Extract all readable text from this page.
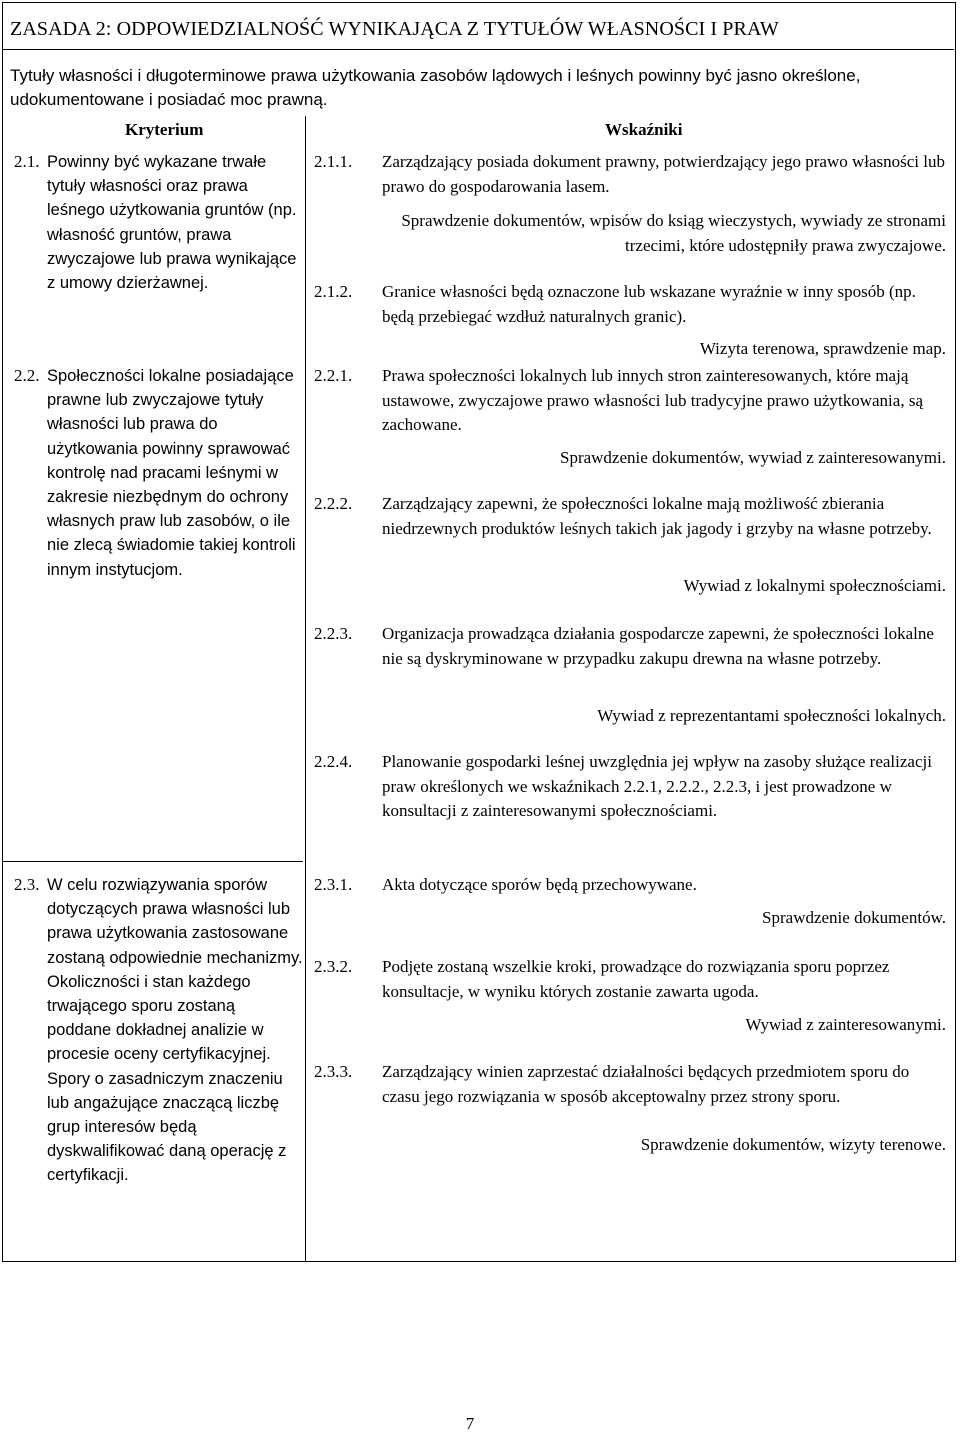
ZASADA 2: ODPOWIEDZIALNOŚĆ WYNIKAJĄCA Z TYTUŁÓW WŁASNOŚCI I PRAW
Tytuły własności i długoterminowe prawa użytkowania zasobów lądowych i leśnych powinny być jasno określone, udokumentowane i posiadać moc prawną.
Kryterium	Wskaźniki
2.1. Powinny być wykazane trwałe tytuły własności oraz prawa leśnego użytkowania gruntów (np. własność gruntów, prawa zwyczajowe lub prawa wynikające z umowy dzierżawnej.
2.2. Społeczności lokalne posiadające prawne lub zwyczajowe tytuły własności lub prawa do użytkowania powinny sprawować kontrolę nad pracami leśnymi w zakresie niezbędnym do ochrony własnych praw lub zasobów, o ile nie zlecą świadomie takiej kontroli innym instytucjom.
2.3. W celu rozwiązywania sporów dotyczących prawa własności lub prawa użytkowania zastosowane zostaną odpowiednie mechanizmy. Okoliczności i stan każdego trwającego sporu zostaną poddane dokładnej analizie w procesie oceny certyfikacyjnej. Spory o zasadniczym znaczeniu lub angażujące znaczącą liczbę grup interesów będą dyskwalifikować daną operację z certyfikacji.
2.1.1. Zarządzający posiada dokument prawny, potwierdzający jego prawo własności lub prawo do gospodarowania lasem.
Sprawdzenie dokumentów, wpisów do ksiąg wieczystych, wywiady ze stronami trzecimi, które udostępniły prawa zwyczajowe.
2.1.2. Granice własności będą oznaczone lub wskazane wyraźnie w inny sposób (np. będą przebiegać wzdłuż naturalnych granic).
Wizyta terenowa, sprawdzenie map.
2.2.1. Prawa społeczności lokalnych lub innych stron zainteresowanych, które mają ustawowe, zwyczajowe prawo własności lub tradycyjne prawo użytkowania, są zachowane.
Sprawdzenie dokumentów, wywiad z zainteresowanymi.
2.2.2. Zarządzający zapewni, że społeczności lokalne mają możliwość zbierania niedrzewnych produktów leśnych takich jak jagody i grzyby na własne potrzeby.
Wywiad z lokalnymi społecznościami.
2.2.3. Organizacja prowadząca działania gospodarcze zapewni, że społeczności lokalne nie są dyskryminowane w przypadku zakupu drewna na własne potrzeby.
Wywiad z reprezentantami społeczności lokalnych.
2.2.4. Planowanie gospodarki leśnej uwzględnia jej wpływ na zasoby służące realizacji praw określonych we wskaźnikach 2.2.1, 2.2.2., 2.2.3, i jest prowadzone w konsultacji z zainteresowanymi społecznościami.
2.3.1. Akta dotyczące sporów będą przechowywane.
Sprawdzenie dokumentów.
2.3.2. Podjęte zostaną wszelkie kroki, prowadzące do rozwiązania sporu poprzez konsultacje, w wyniku których zostanie zawarta ugoda.
Wywiad z zainteresowanymi.
2.3.3. Zarządzający winien zaprzestać działalności będących przedmiotem sporu do czasu jego rozwiązania w sposób akceptowalny przez strony sporu.
Sprawdzenie dokumentów, wizyty terenowe.
7
